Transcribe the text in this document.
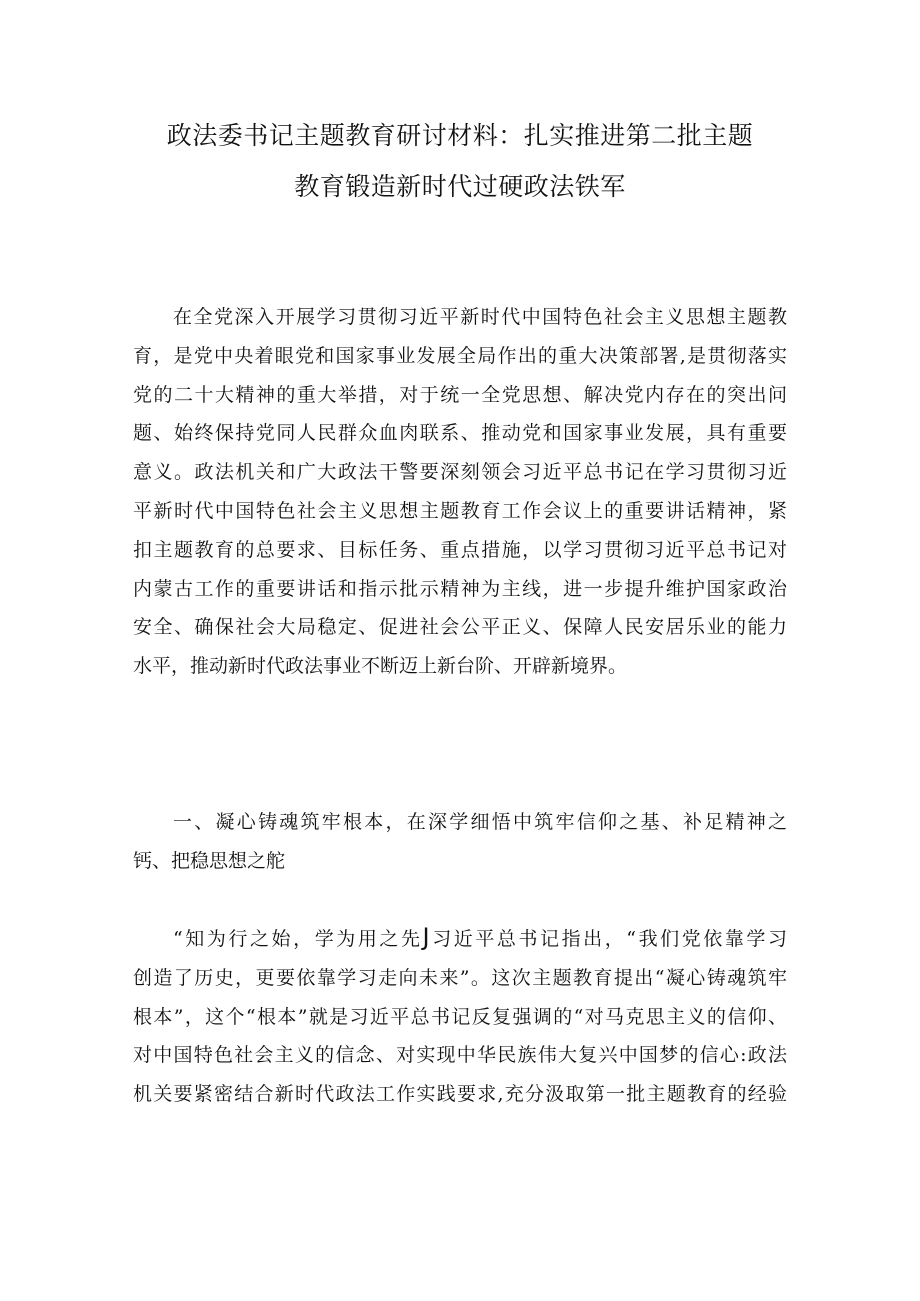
政法委书记主题教育研讨材料：扎实推进第二批主题
教育锻造新时代过硬政法铁军

在全党深入开展学习贯彻习近平新时代中国特色社会主义思想主题教
育，是党中央着眼党和国家事业发展全局作出的重大决策部署,是贯彻落实
党的二十大精神的重大举措，对于统一全党思想、解决党内存在的突出问
题、始终保持党同人民群众血肉联系、推动党和国家事业发展，具有重要
意义。政法机关和广大政法干警要深刻领会习近平总书记在学习贯彻习近
平新时代中国特色社会主义思想主题教育工作会议上的重要讲话精神，紧
扣主题教育的总要求、目标任务、重点措施，以学习贯彻习近平总书记对
内蒙古工作的重要讲话和指示批示精神为主线，进一步提升维护国家政治
安全、确保社会大局稳定、促进社会公平正义、保障人民安居乐业的能力
水平，推动新时代政法事业不断迈上新台阶、开辟新境界。

一、凝心铸魂筑牢根本，在深学细悟中筑牢信仰之基、补足精神之
钙、把稳思想之舵

“知为行之始，学为用之先J习近平总书记指出，“我们党依靠学习
创造了历史，更要依靠学习走向未来”。这次主题教育提出“凝心铸魂筑牢
根本”，这个“根本”就是习近平总书记反复强调的“对马克思主义的信仰、
对中国特色社会主义的信念、对实现中华民族伟大复兴中国梦的信心:政法
机关要紧密结合新时代政法工作实践要求,充分汲取第一批主题教育的经验
